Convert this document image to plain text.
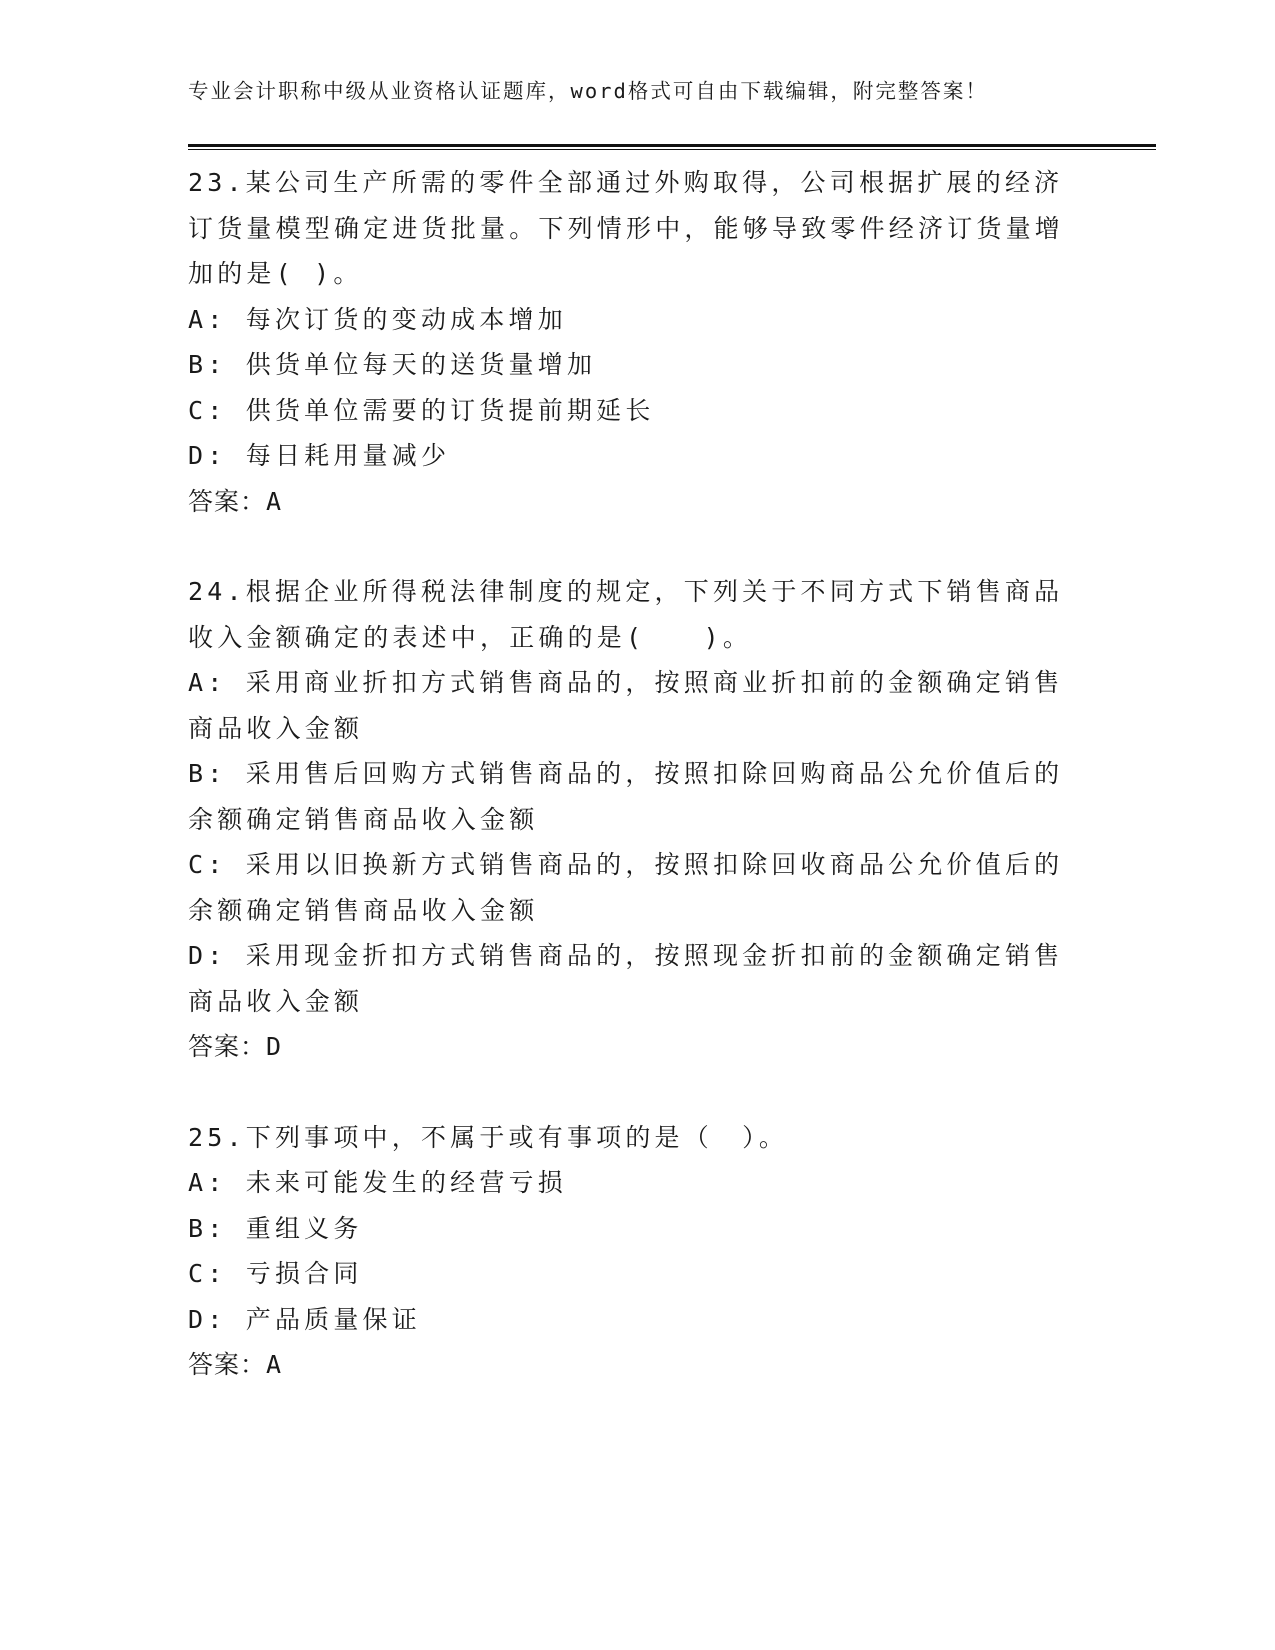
专业会计职称中级从业资格认证题库，word格式可自由下载编辑，附完整答案！
23.某公司生产所需的零件全部通过外购取得，公司根据扩展的经济订货量模型确定进货批量。下列情形中，能够导致零件经济订货量增加的是( )。
A: 每次订货的变动成本增加
B: 供货单位每天的送货量增加
C: 供货单位需要的订货提前期延长
D: 每日耗用量减少
答案：A
24.根据企业所得税法律制度的规定，下列关于不同方式下销售商品收入金额确定的表述中，正确的是(　　)。
A: 采用商业折扣方式销售商品的，按照商业折扣前的金额确定销售商品收入金额
B: 采用售后回购方式销售商品的，按照扣除回购商品公允价值后的余额确定销售商品收入金额
C: 采用以旧换新方式销售商品的，按照扣除回收商品公允价值后的余额确定销售商品收入金额
D: 采用现金折扣方式销售商品的，按照现金折扣前的金额确定销售商品收入金额
答案：D
25.下列事项中，不属于或有事项的是（　）。
A: 未来可能发生的经营亏损
B: 重组义务
C: 亏损合同
D: 产品质量保证
答案：A
